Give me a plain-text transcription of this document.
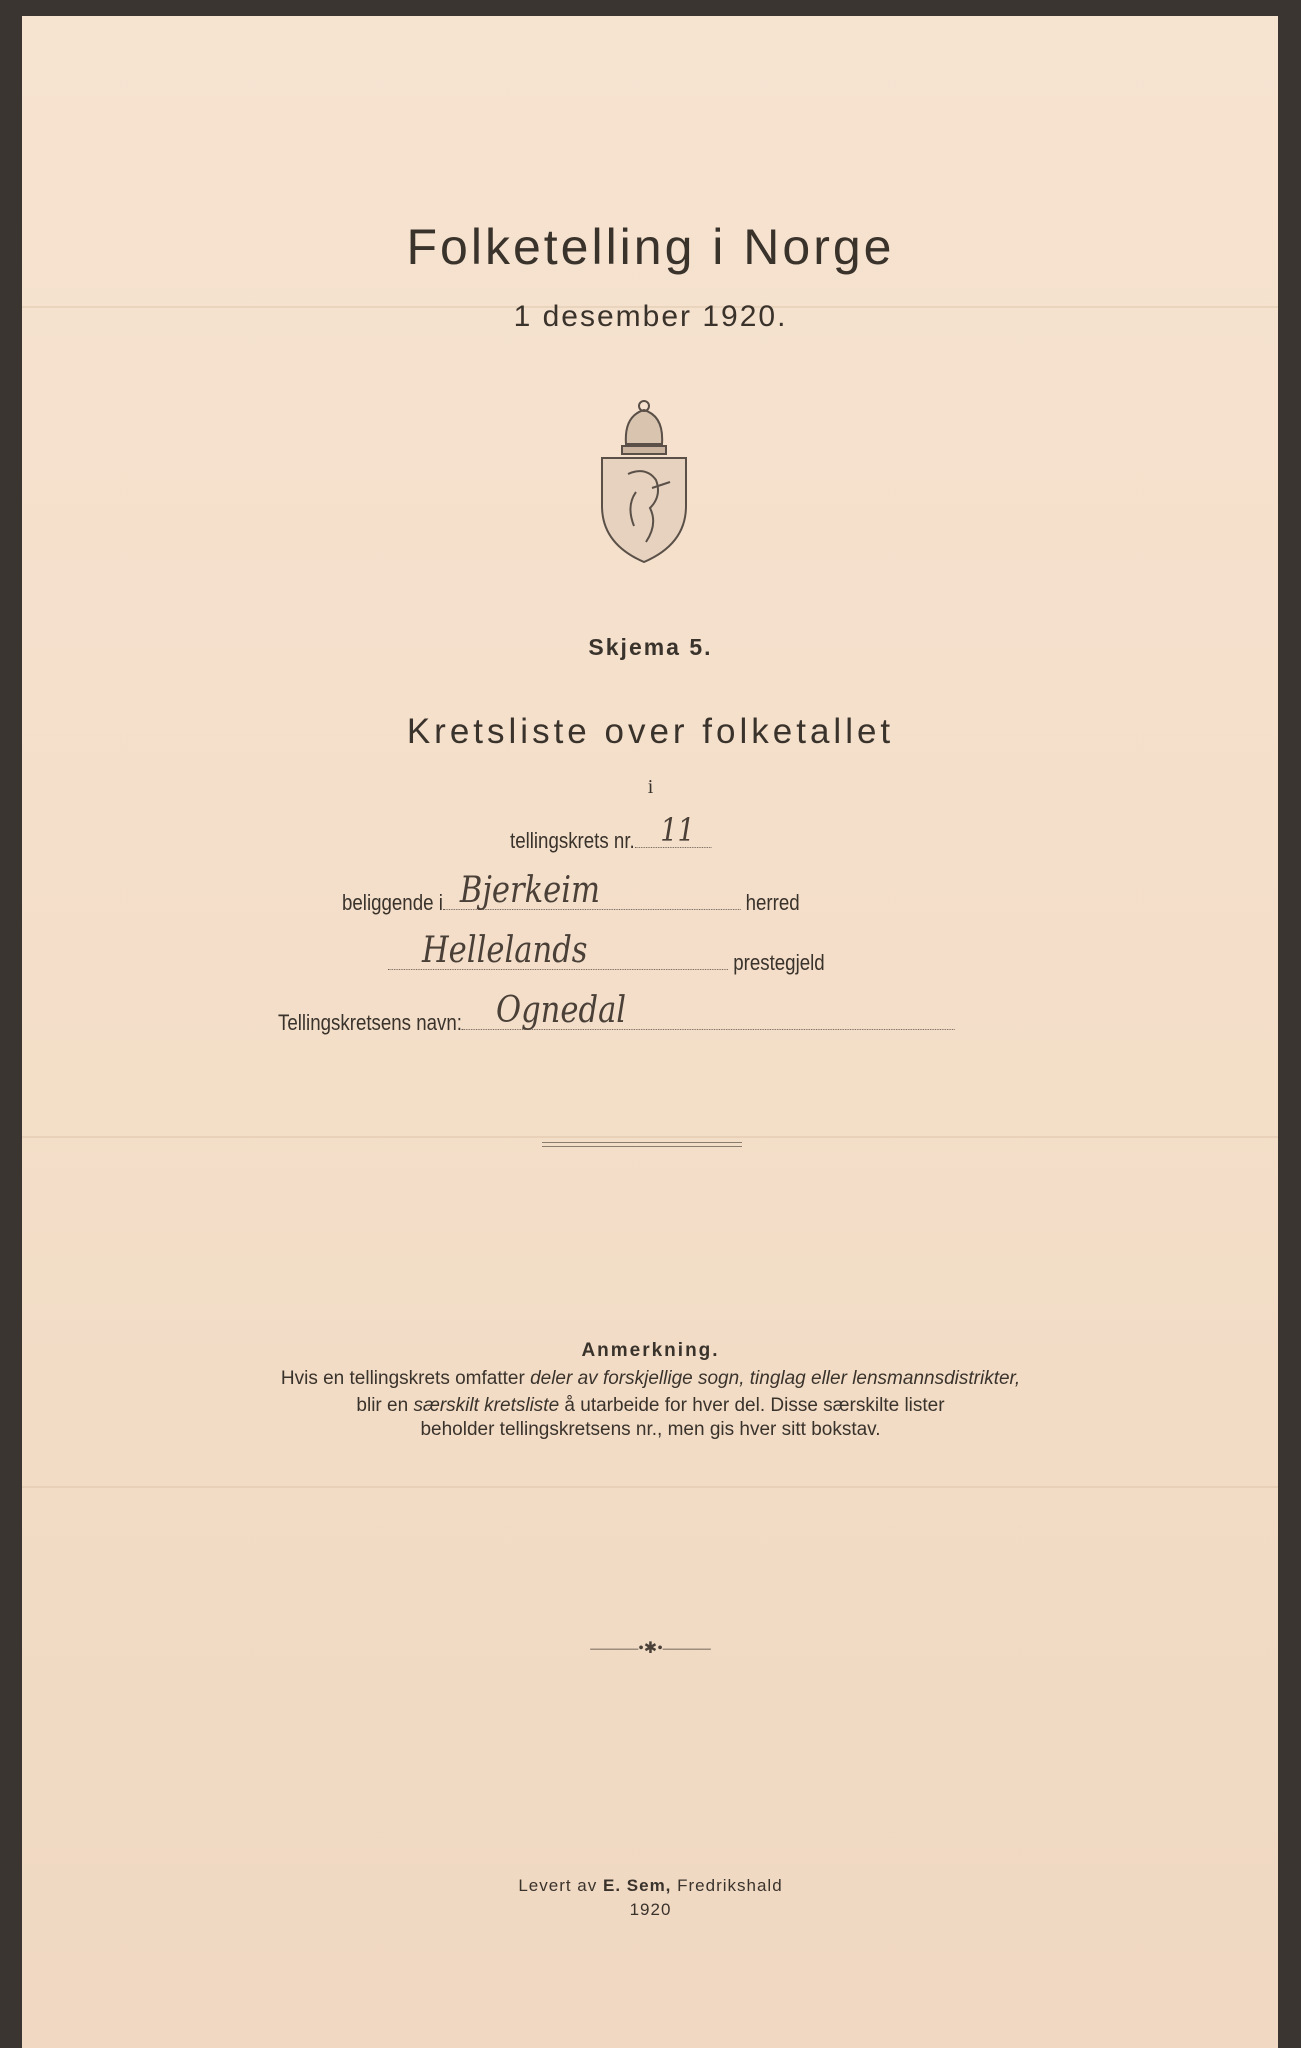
Folketelling i Norge
1 desember 1920.
Skjema 5.
Kretsliste over folketallet
i
tellingskrets nr. 11
beliggende i Bjerkeim	herred
Hellelands	prestegjeld
Tellingskretsens navn: Ognedal
Anmerkning.
Hvis en tellingskrets omfatter deler av forskjellige sogn, tinglag eller lensmannsdistrikter,
blir en særskilt kretsliste å utarbeide for hver del. Disse særskilte lister
beholder tellingskretsens nr., men gis hver sitt bokstav.
———•✱•———
Levert av E. Sem, Fredrikshald
1920
